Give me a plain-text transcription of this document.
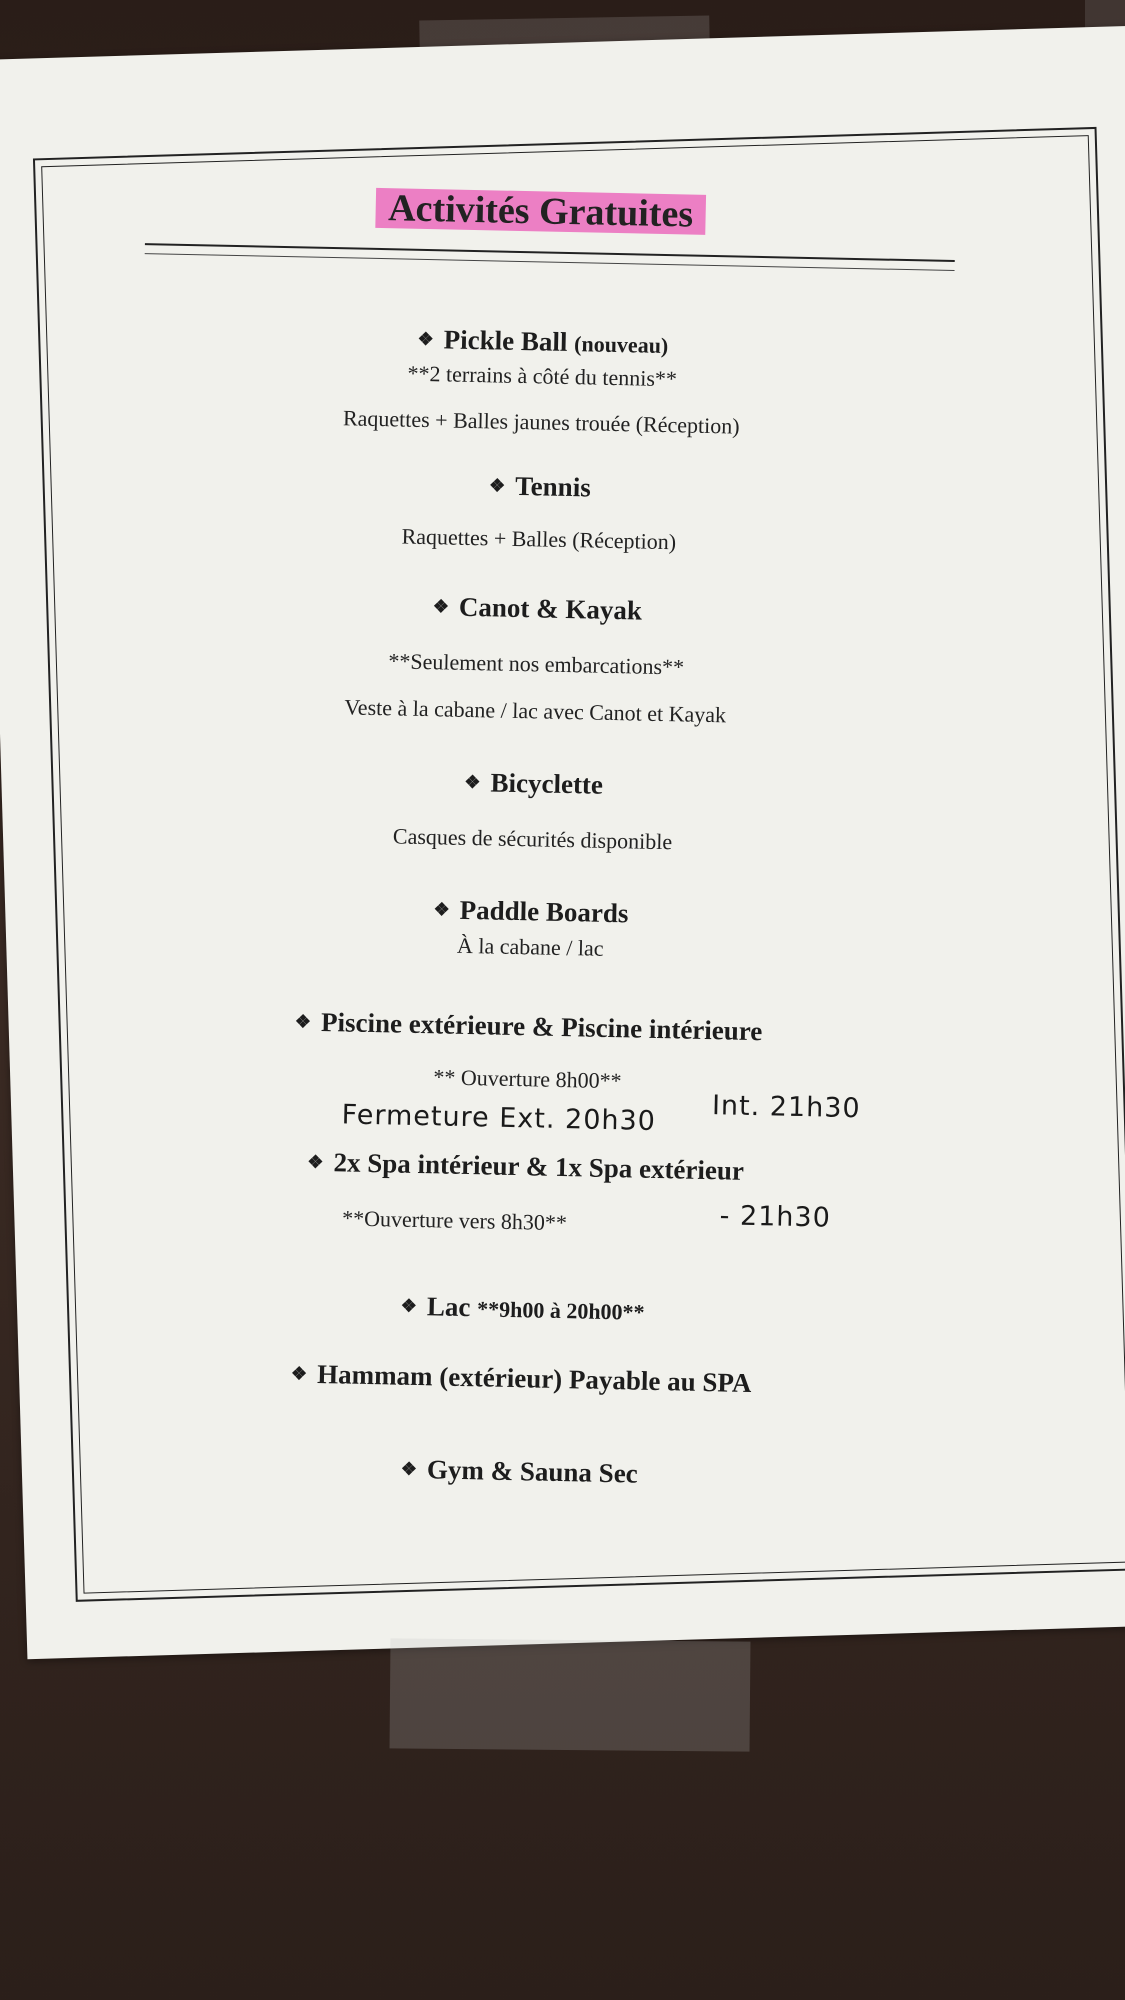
Activités Gratuites
❖ Pickle Ball (nouveau)
**2 terrains à côté du tennis**
Raquettes + Balles jaunes trouée (Réception)
❖ Tennis
Raquettes + Balles (Réception)
❖ Canot & Kayak
**Seulement nos embarcations**
Veste à la cabane / lac avec Canot et Kayak
❖ Bicyclette
Casques de sécurités disponible
❖ Paddle Boards
À la cabane / lac
❖ Piscine extérieure & Piscine intérieure
** Ouverture 8h00**
Fermeture Ext. 20h30 Int. 21h30
❖ 2x Spa intérieur & 1x Spa extérieur
**Ouverture vers 8h30**	- 21h30
❖ Lac **9h00 à 20h00**
❖ Hammam (extérieur) Payable au SPA
❖ Gym & Sauna Sec
